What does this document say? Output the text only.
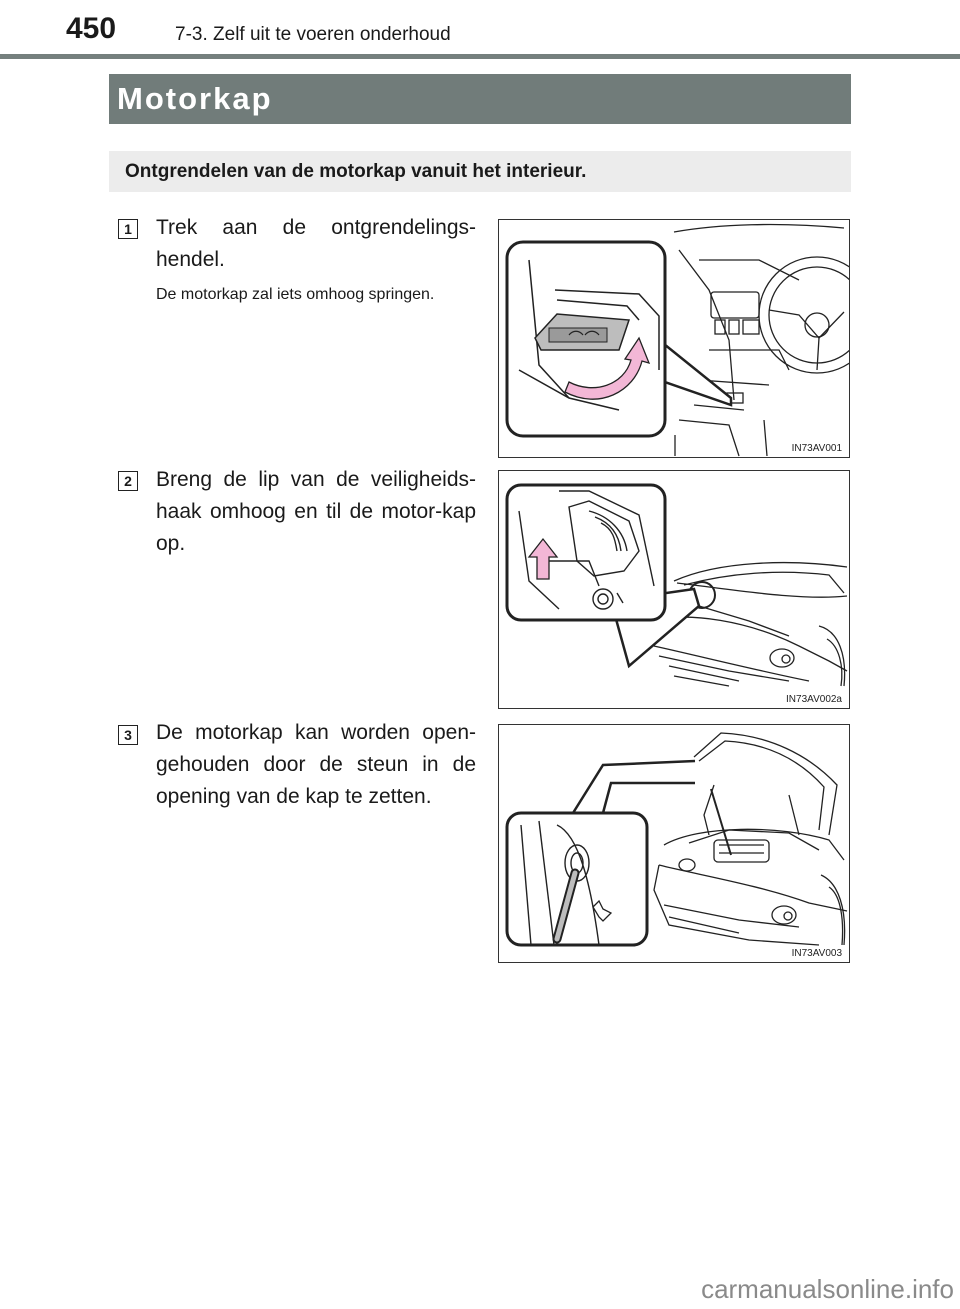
450	7-3. Zelf uit te voeren onderhoud
Motorkap
Ontgrendelen van de motorkap vanuit het interieur.
1 Trek aan de ontgrendelings-hendel.
De motorkap zal iets omhoog springen.
IN73AV001
2 Breng de lip van de veiligheids-haak omhoog en til de motor-kap op.
IN73AV002a
3 De motorkap kan worden open-gehouden door de steun in de opening van de kap te zetten.
IN73AV003
carmanualsonline.info
